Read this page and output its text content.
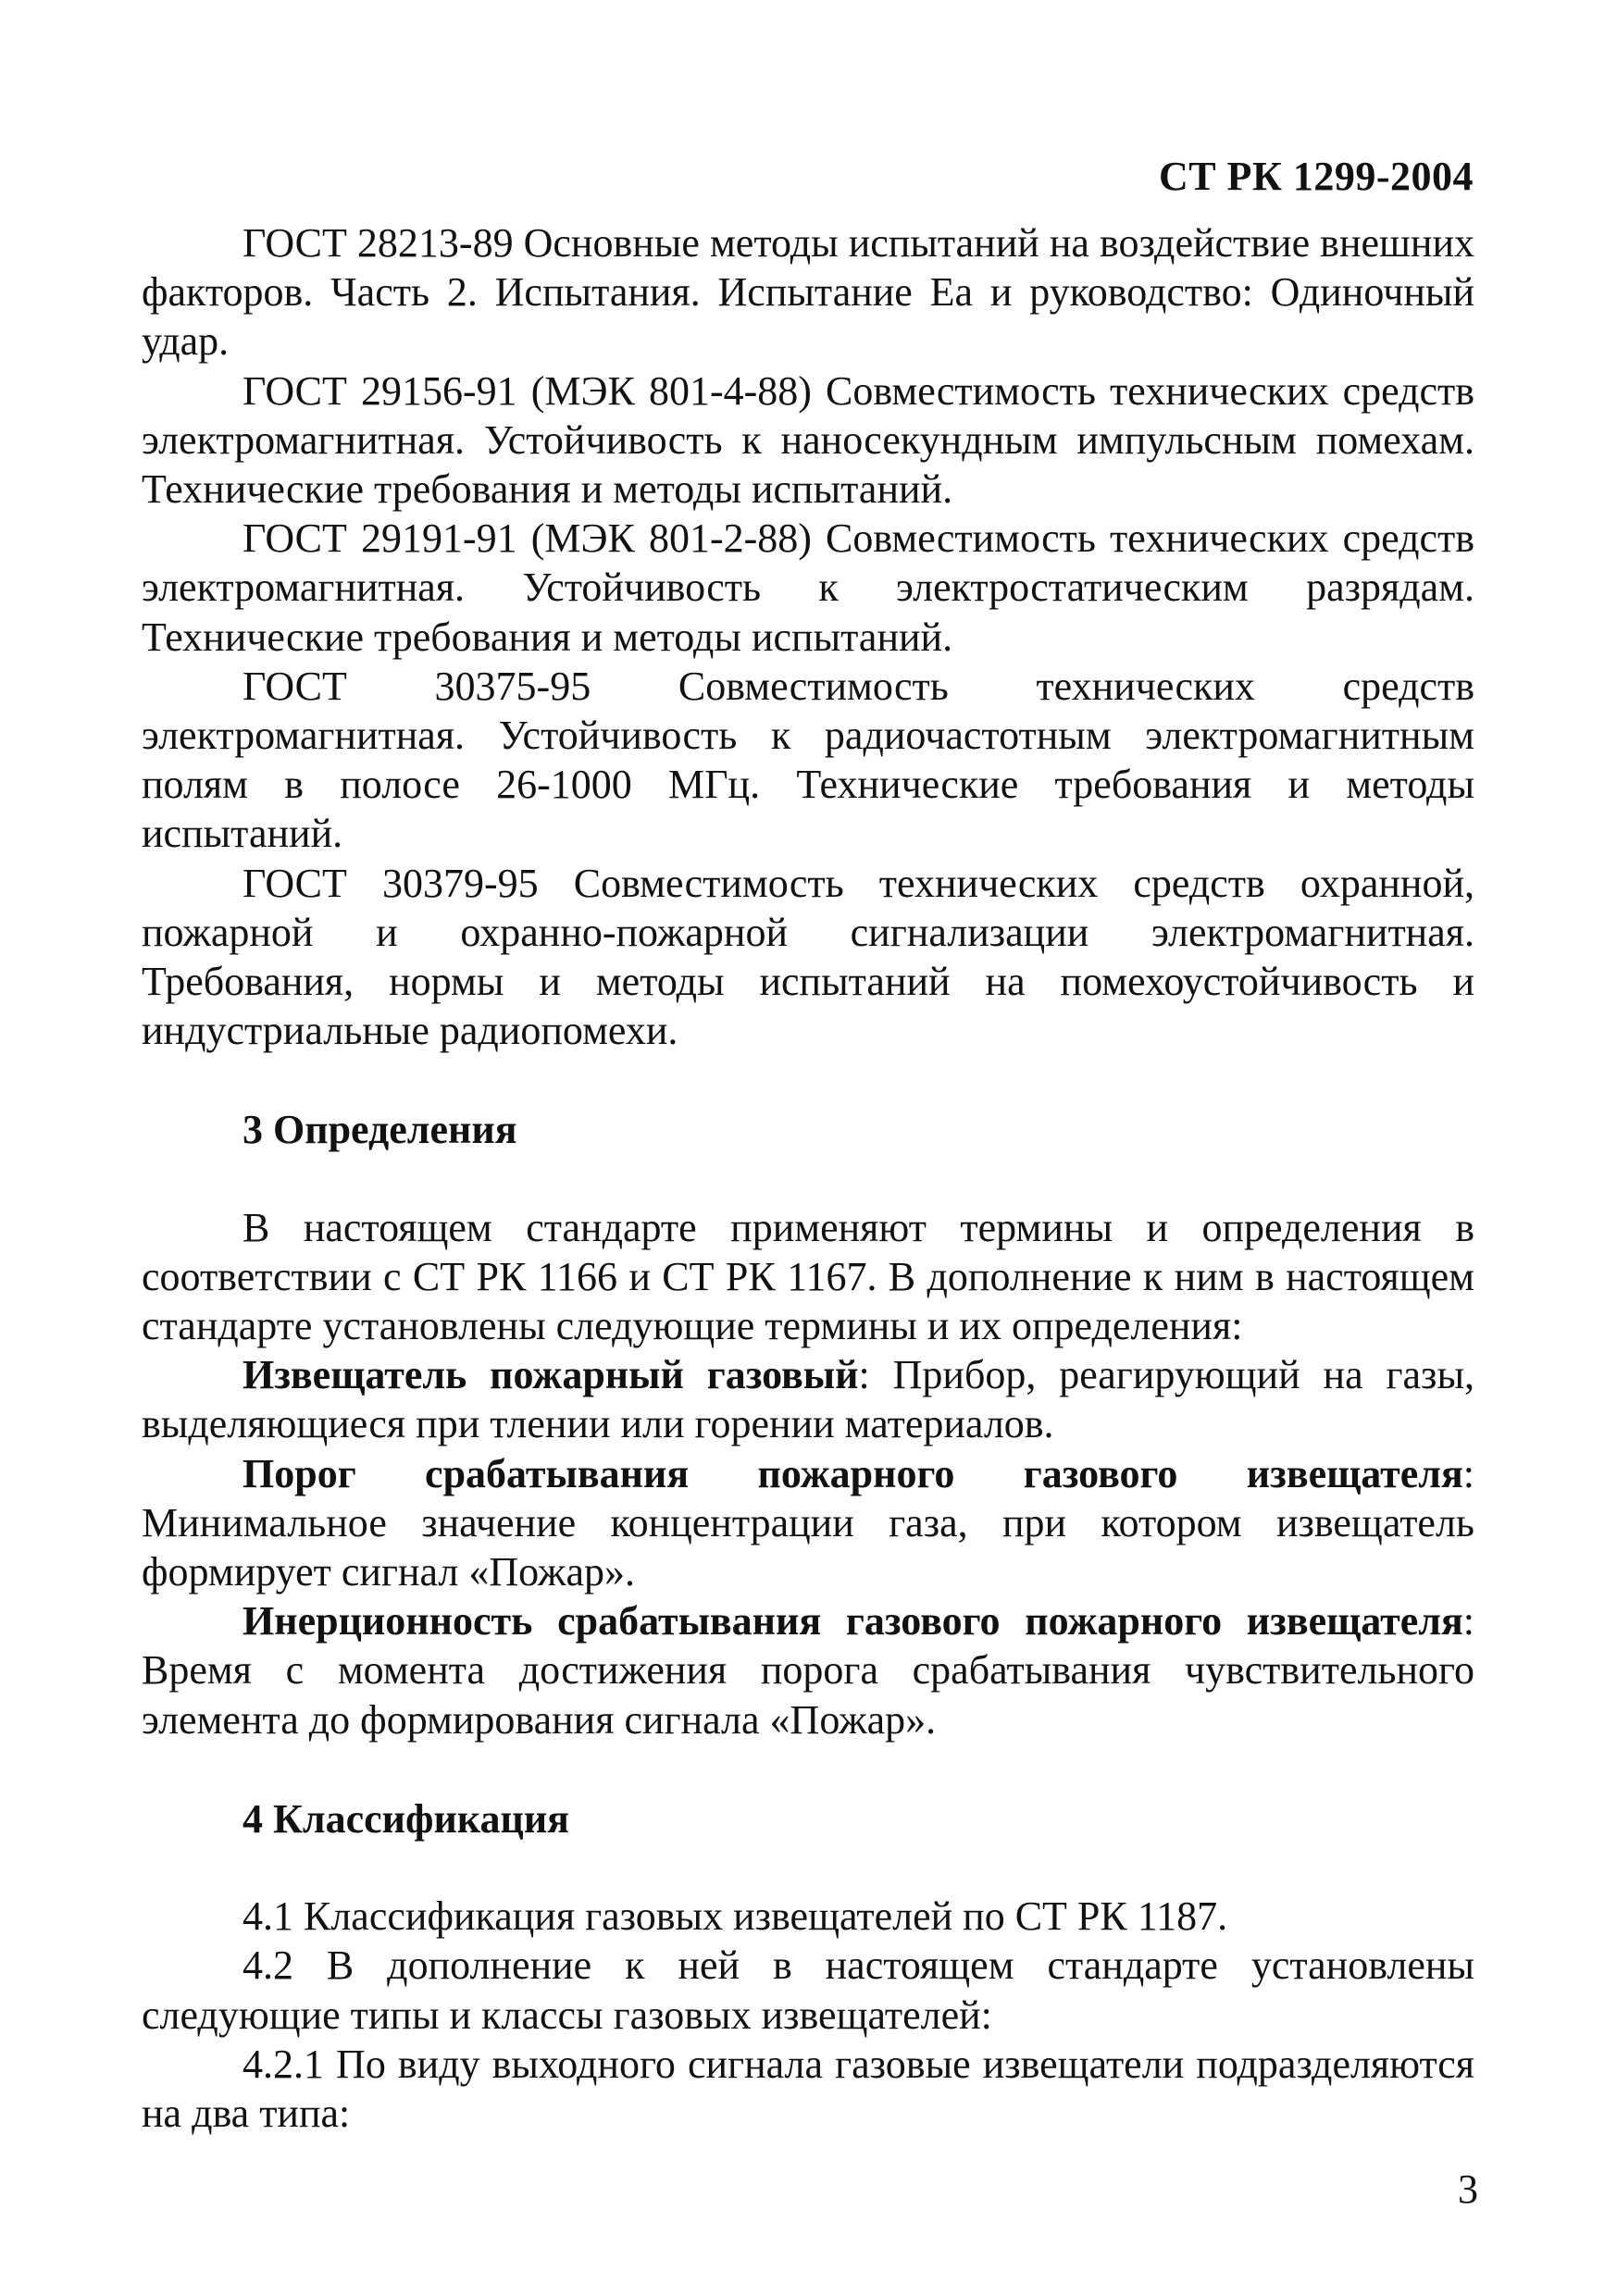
СТ РК 1299-2004

ГОСТ 28213-89 Основные методы испытаний на воздействие внешних факторов. Часть 2. Испытания. Испытание Еа и руководство: Одиночный удар.

ГОСТ 29156-91 (МЭК 801-4-88) Совместимость технических средств электромагнитная. Устойчивость к наносекундным импульсным помехам. Технические требования и методы испытаний.

ГОСТ 29191-91 (МЭК 801-2-88) Совместимость технических средств электромагнитная. Устойчивость к электростатическим разрядам. Технические требования и методы испытаний.

ГОСТ 30375-95 Совместимость технических средств электромагнитная. Устойчивость к радиочастотным электромагнитным полям в полосе 26-1000 МГц. Технические требования и методы испытаний.

ГОСТ 30379-95 Совместимость технических средств охранной, пожарной и охранно-пожарной сигнализации электромагнитная. Требования, нормы и методы испытаний на помехоустойчивость и индустриальные радиопомехи.

3 Определения

В настоящем стандарте применяют термины и определения в соответствии с СТ РК 1166 и СТ РК 1167. В дополнение к ним в настоящем стандарте установлены следующие термины и их определения:

Извещатель пожарный газовый: Прибор, реагирующий на газы, выделяющиеся при тлении или горении материалов.

Порог срабатывания пожарного газового извещателя: Минимальное значение концентрации газа, при котором извещатель формирует сигнал «Пожар».

Инерционность срабатывания газового пожарного извещателя: Время с момента достижения порога срабатывания чувствительного элемента до формирования сигнала «Пожар».

4 Классификация

4.1 Классификация газовых извещателей по СТ РК 1187.

4.2 В дополнение к ней в настоящем стандарте установлены следующие типы и классы газовых извещателей:

4.2.1 По виду выходного сигнала газовые извещатели подразделяются на два типа:

3
